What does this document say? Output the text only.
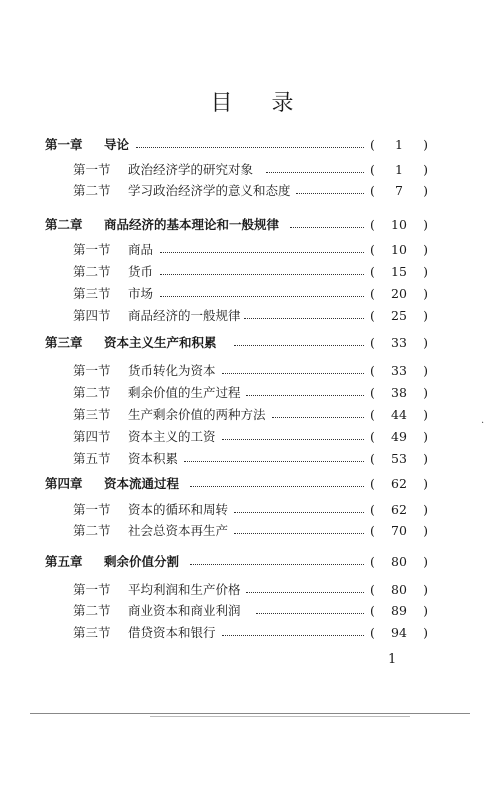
目 录
第一章 导论	(	1	)
第一节 政治经济学的研究对象	(	1	)
第二节 学习政治经济学的意义和态度	(	7	)
第二章 商品经济的基本理论和一般规律	(	10	)
第一节 商品	(	10	)
第二节 货币	(	15	)
第三节 市场	(	20	)
第四节 商品经济的一般规律	(	25	)
第三章 资本主义生产和积累	(	33	)
第一节 货币转化为资本	(	33	)
第二节 剩余价值的生产过程	(	38	)
第三节 生产剩余价值的两种方法	(	44	)
第四节 资本主义的工资	(	49	)
第五节 资本积累	(	53	)
第四章 资本流通过程	(	62	)
第一节 资本的循环和周转	(	62	)
第二节 社会总资本再生产	(	70	)
第五章 剩余价值分割	(	80	)
第一节 平均利润和生产价格	(	80	)
第二节 商业资本和商业利润	(	89	)
第三节 借贷资本和银行	(	94	)
1
·
